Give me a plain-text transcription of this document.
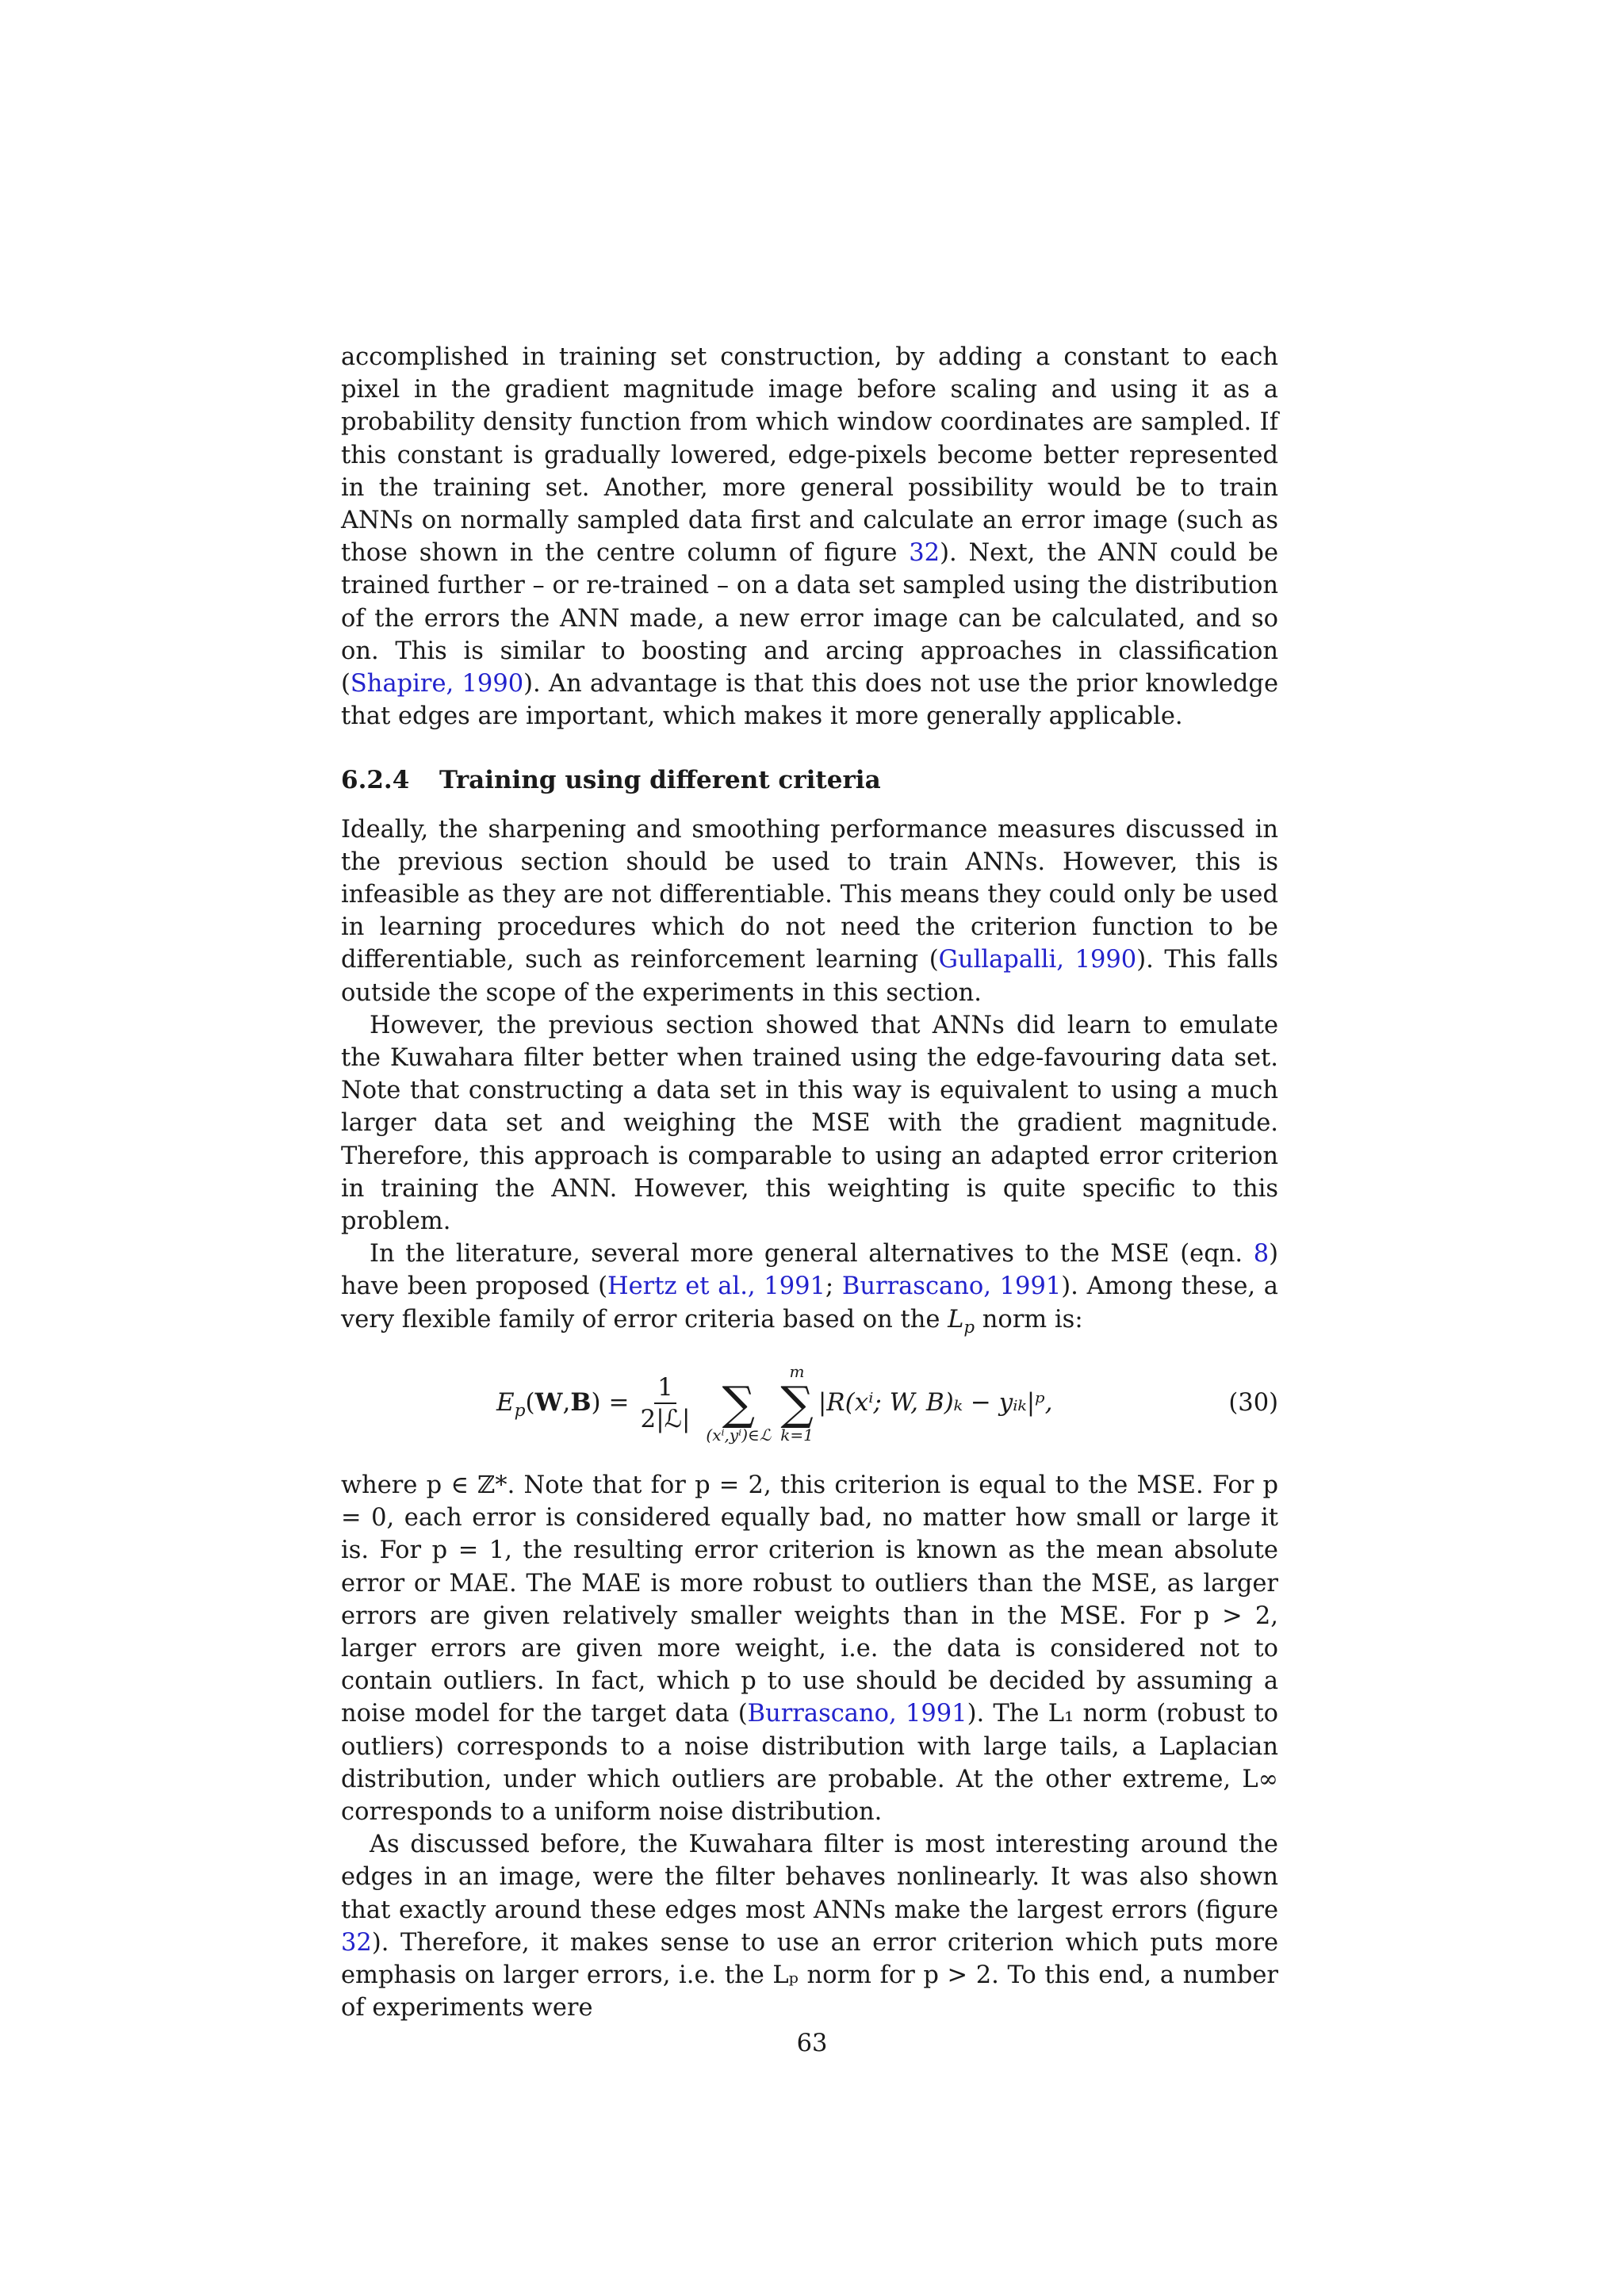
accomplished in training set construction, by adding a constant to each pixel in the gradient magnitude image before scaling and using it as a probability density function from which window coordinates are sampled. If this constant is gradually lowered, edge-pixels become better represented in the training set. Another, more general possibility would be to train ANNs on normally sampled data first and calculate an error image (such as those shown in the centre column of figure 32). Next, the ANN could be trained further – or re-trained – on a data set sampled using the distribution of the errors the ANN made, a new error image can be calculated, and so on. This is similar to boosting and arcing approaches in classification (Shapire, 1990). An advantage is that this does not use the prior knowledge that edges are important, which makes it more generally applicable.

6.2.4 Training using different criteria

Ideally, the sharpening and smoothing performance measures discussed in the previous section should be used to train ANNs. However, this is infeasible as they are not differentiable. This means they could only be used in learning procedures which do not need the criterion function to be differentiable, such as reinforcement learning (Gullapalli, 1990). This falls outside the scope of the experiments in this section.

However, the previous section showed that ANNs did learn to emulate the Kuwahara filter better when trained using the edge-favouring data set. Note that constructing a data set in this way is equivalent to using a much larger data set and weighing the MSE with the gradient magnitude. Therefore, this approach is comparable to using an adapted error criterion in training the ANN. However, this weighting is quite specific to this problem.

In the literature, several more general alternatives to the MSE (eqn. 8) have been proposed (Hertz et al., 1991; Burrascano, 1991). Among these, a very flexible family of error criteria based on the $L_p$ norm is:

$E_p$ ( W , B ) = $\frac{1}{\text{2|ℒ|}}$ ∑
(xⁱ,yⁱ)∈ℒ
m
∑
k=1
|R(xⁱ; W, B)ₖ − yᵢₖ|ᵖ,	(30)

where p ∈ ℤ*. Note that for p = 2, this criterion is equal to the MSE. For p = 0, each error is considered equally bad, no matter how small or large it is. For p = 1, the resulting error criterion is known as the mean absolute error or MAE. The MAE is more robust to outliers than the MSE, as larger errors are given relatively smaller weights than in the MSE. For p > 2, larger errors are given more weight, i.e. the data is considered not to contain outliers. In fact, which p to use should be decided by assuming a noise model for the target data (Burrascano, 1991). The L₁ norm (robust to outliers) corresponds to a noise distribution with large tails, a Laplacian distribution, under which outliers are probable. At the other extreme, L∞ corresponds to a uniform noise distribution.

As discussed before, the Kuwahara filter is most interesting around the edges in an image, were the filter behaves nonlinearly. It was also shown that exactly around these edges most ANNs make the largest errors (figure 32). Therefore, it makes sense to use an error criterion which puts more emphasis on larger errors, i.e. the Lₚ norm for p > 2. To this end, a number of experiments were

63
